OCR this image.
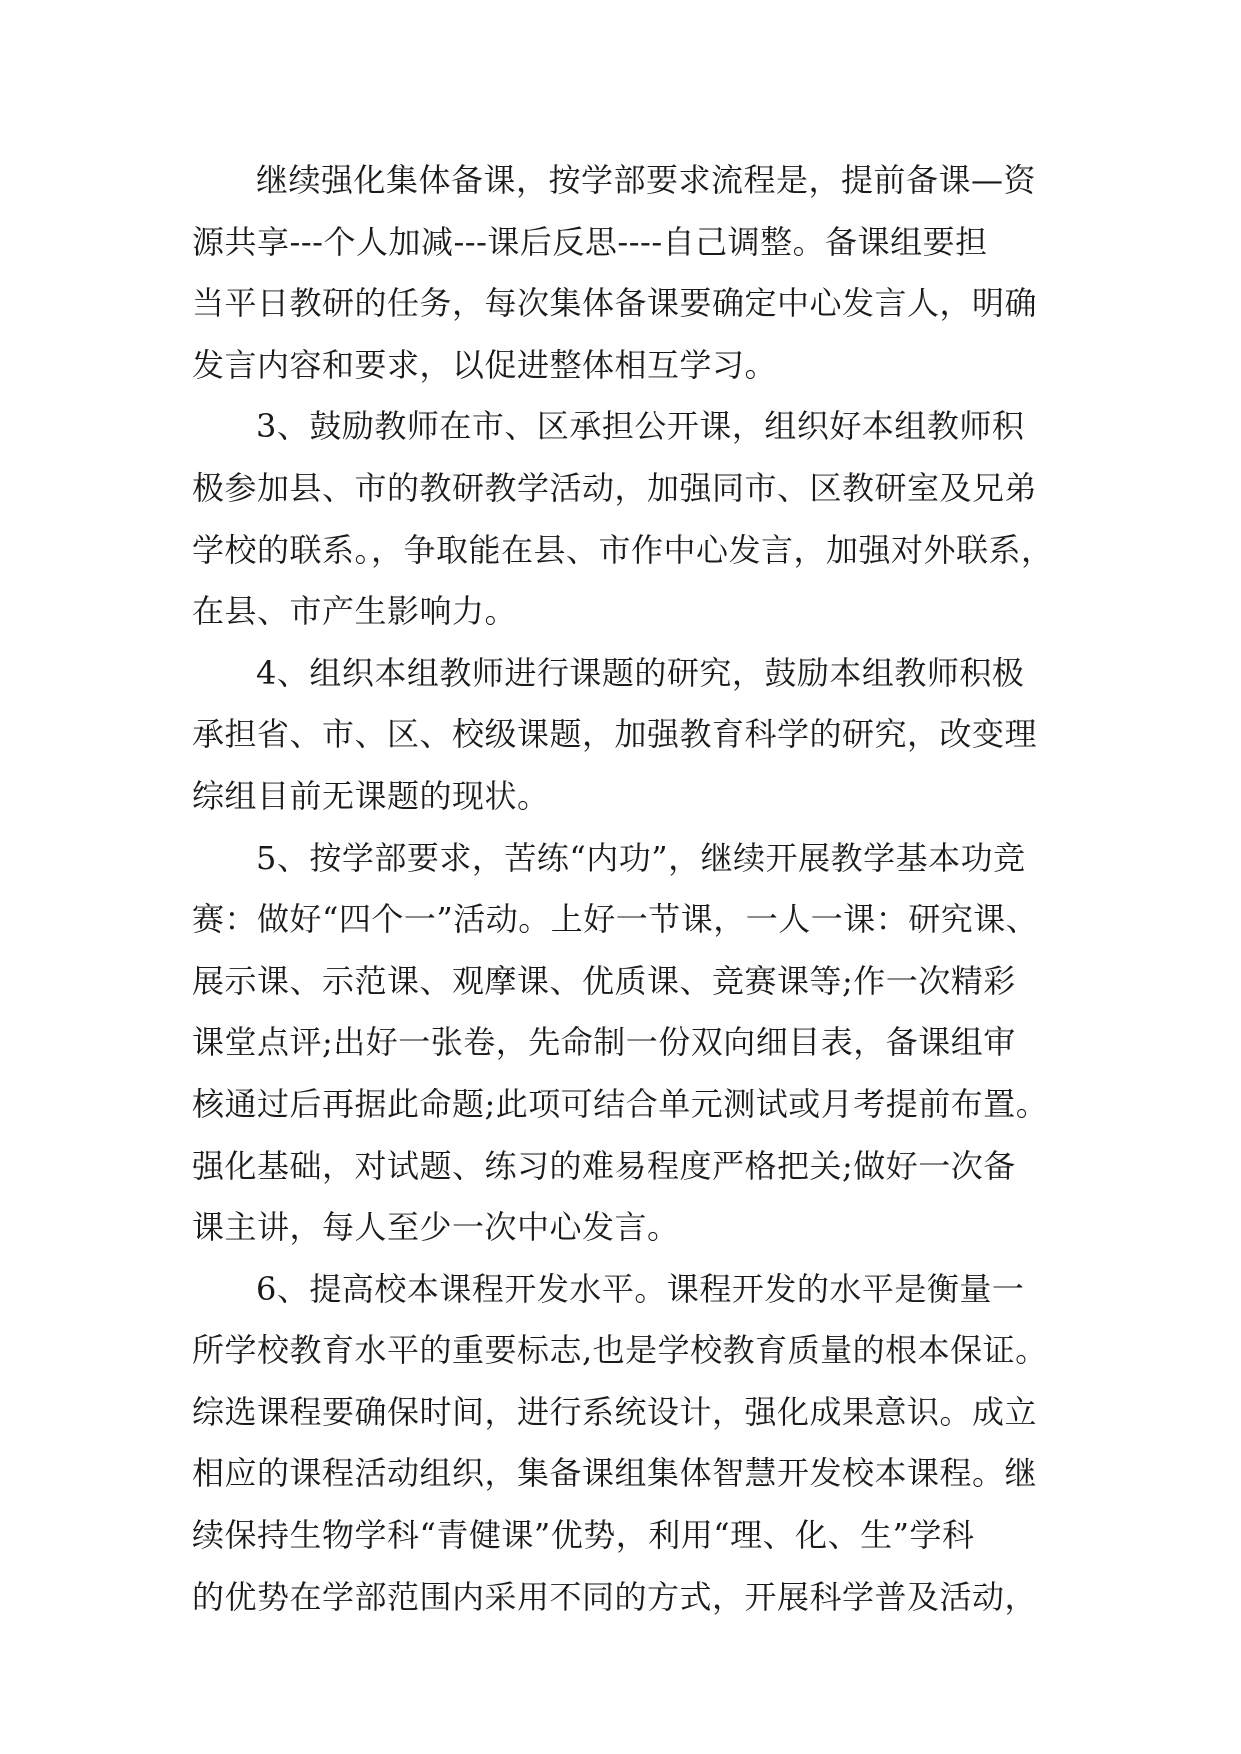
继续强化集体备课，按学部要求流程是，提前备课—资
源共享---个人加减---课后反思----自己调整。备课组要担
当平日教研的任务，每次集体备课要确定中心发言人，明确
发言内容和要求，以促进整体相互学习。
3、鼓励教师在市、区承担公开课，组织好本组教师积
极参加县、市的教研教学活动，加强同市、区教研室及兄弟
学校的联系。，争取能在县、市作中心发言，加强对外联系，
在县、市产生影响力。
4、组织本组教师进行课题的研究，鼓励本组教师积极
承担省、市、区、校级课题，加强教育科学的研究，改变理
综组目前无课题的现状。
5、按学部要求，苦练“内功”，继续开展教学基本功竞
赛：做好“四个一”活动。上好一节课，一人一课：研究课、
展示课、示范课、观摩课、优质课、竞赛课等;作一次精彩
课堂点评;出好一张卷，先命制一份双向细目表，备课组审
核通过后再据此命题;此项可结合单元测试或月考提前布置。
强化基础，对试题、练习的难易程度严格把关;做好一次备
课主讲，每人至少一次中心发言。
6、提高校本课程开发水平。课程开发的水平是衡量一
所学校教育水平的重要标志,也是学校教育质量的根本保证。
综选课程要确保时间，进行系统设计，强化成果意识。成立
相应的课程活动组织，集备课组集体智慧开发校本课程。继
续保持生物学科“青健课”优势，利用“理、化、生”学科
的优势在学部范围内采用不同的方式，开展科学普及活动，
